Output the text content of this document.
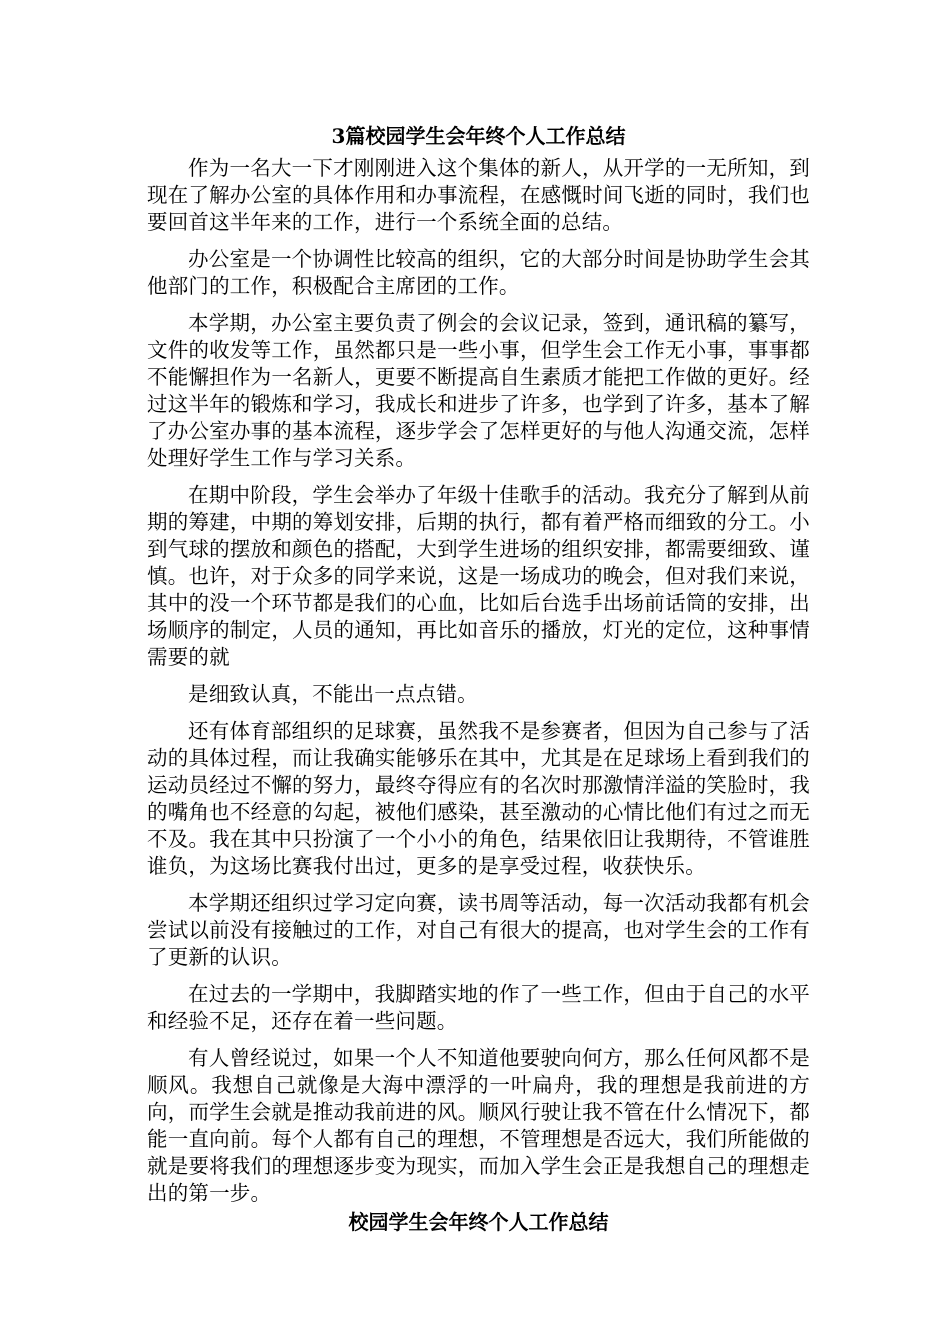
3篇校园学生会年终个人工作总结

作为一名大一下才刚刚进入这个集体的新人，从开学的一无所知，到现在了解办公室的具体作用和办事流程，在感慨时间飞逝的同时，我们也要回首这半年来的工作，进行一个系统全面的总结。

办公室是一个协调性比较高的组织，它的大部分时间是协助学生会其他部门的工作，积极配合主席团的工作。

本学期，办公室主要负责了例会的会议记录，签到，通讯稿的纂写，文件的收发等工作，虽然都只是一些小事，但学生会工作无小事，事事都不能懈担作为一名新人，更要不断提高自生素质才能把工作做的更好。经过这半年的锻炼和学习，我成长和进步了许多，也学到了许多，基本了解了办公室办事的基本流程，逐步学会了怎样更好的与他人沟通交流，怎样处理好学生工作与学习关系。

在期中阶段，学生会举办了年级十佳歌手的活动。我充分了解到从前期的筹建，中期的筹划安排，后期的执行，都有着严格而细致的分工。小到气球的摆放和颜色的搭配，大到学生进场的组织安排，都需要细致、谨慎。也许，对于众多的同学来说，这是一场成功的晚会，但对我们来说，其中的没一个环节都是我们的心血，比如后台选手出场前话筒的安排，出场顺序的制定，人员的通知，再比如音乐的播放，灯光的定位，这种事情需要的就

是细致认真，不能出一点点错。

还有体育部组织的足球赛，虽然我不是参赛者，但因为自己参与了活动的具体过程，而让我确实能够乐在其中，尤其是在足球场上看到我们的运动员经过不懈的努力，最终夺得应有的名次时那激情洋溢的笑脸时，我的嘴角也不经意的勾起，被他们感染，甚至激动的心情比他们有过之而无不及。我在其中只扮演了一个小小的角色，结果依旧让我期待，不管谁胜谁负，为这场比赛我付出过，更多的是享受过程，收获快乐。

本学期还组织过学习定向赛，读书周等活动，每一次活动我都有机会尝试以前没有接触过的工作，对自己有很大的提高，也对学生会的工作有了更新的认识。

在过去的一学期中，我脚踏实地的作了一些工作，但由于自己的水平和经验不足，还存在着一些问题。

有人曾经说过，如果一个人不知道他要驶向何方，那么任何风都不是顺风。我想自己就像是大海中漂浮的一叶扁舟，我的理想是我前进的方向，而学生会就是推动我前进的风。顺风行驶让我不管在什么情况下，都能一直向前。每个人都有自己的理想，不管理想是否远大，我们所能做的就是要将我们的理想逐步变为现实，而加入学生会正是我想自己的理想走出的第一步。

校园学生会年终个人工作总结
